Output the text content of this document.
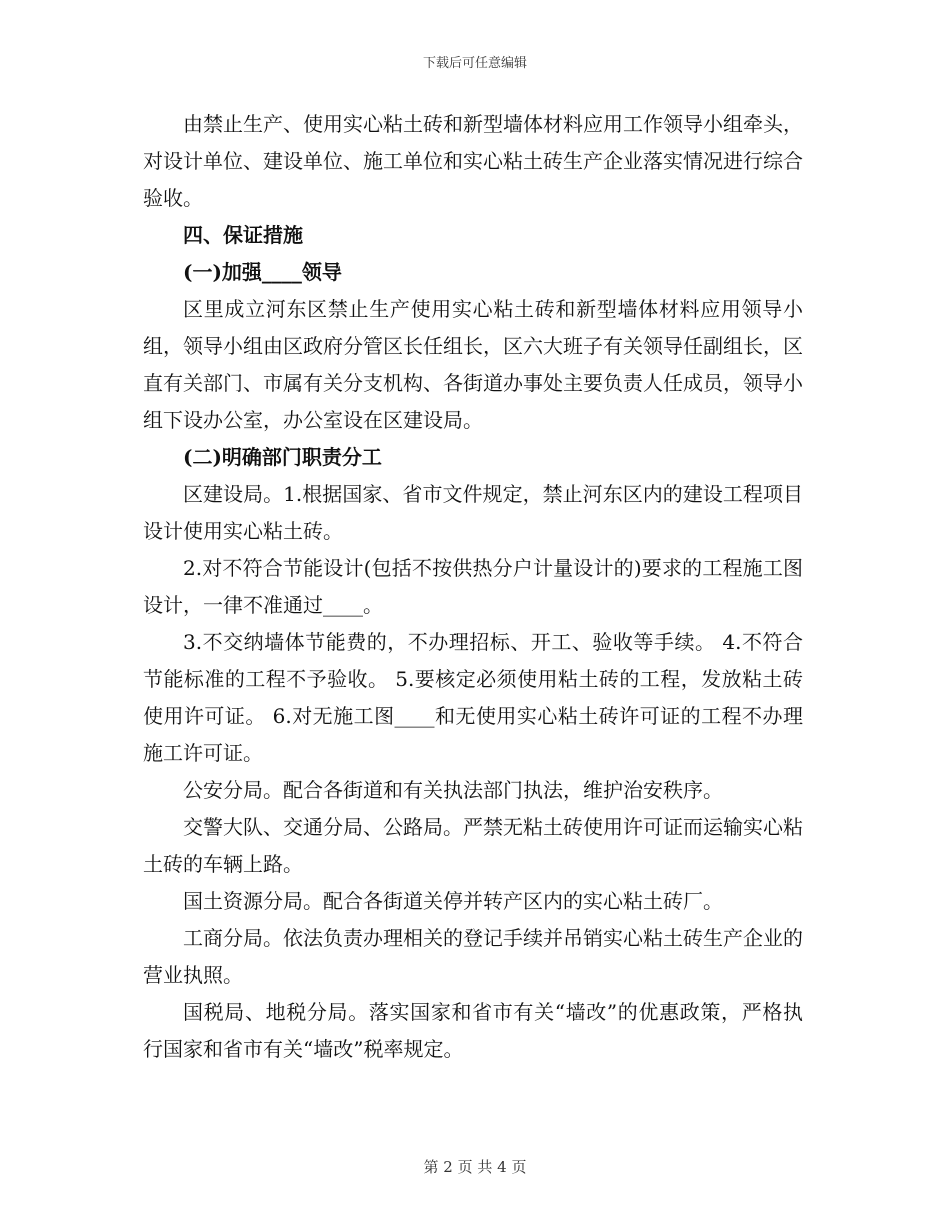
下载后可任意编辑

由禁止生产、使用实心粘土砖和新型墙体材料应用工作领导小组牵头，对设计单位、建设单位、施工单位和实心粘土砖生产企业落实情况进行综合验收。

四、保证措施

(一)加强____领导

区里成立河东区禁止生产使用实心粘土砖和新型墙体材料应用领导小组，领导小组由区政府分管区长任组长，区六大班子有关领导任副组长，区直有关部门、市属有关分支机构、各街道办事处主要负责人任成员，领导小组下设办公室，办公室设在区建设局。

(二)明确部门职责分工

区建设局。1.根据国家、省市文件规定，禁止河东区内的建设工程项目设计使用实心粘土砖。

2.对不符合节能设计(包括不按供热分户计量设计的)要求的工程施工图设计，一律不准通过____。

3.不交纳墙体节能费的，不办理招标、开工、验收等手续。 4.不符合节能标准的工程不予验收。 5.要核定必须使用粘土砖的工程，发放粘土砖使用许可证。 6.对无施工图____和无使用实心粘土砖许可证的工程不办理施工许可证。

公安分局。配合各街道和有关执法部门执法，维护治安秩序。

交警大队、交通分局、公路局。严禁无粘土砖使用许可证而运输实心粘土砖的车辆上路。

国土资源分局。配合各街道关停并转产区内的实心粘土砖厂。

工商分局。依法负责办理相关的登记手续并吊销实心粘土砖生产企业的营业执照。

国税局、地税分局。落实国家和省市有关“墙改”的优惠政策，严格执行国家和省市有关“墙改”税率规定。

第 2 页 共 4 页
